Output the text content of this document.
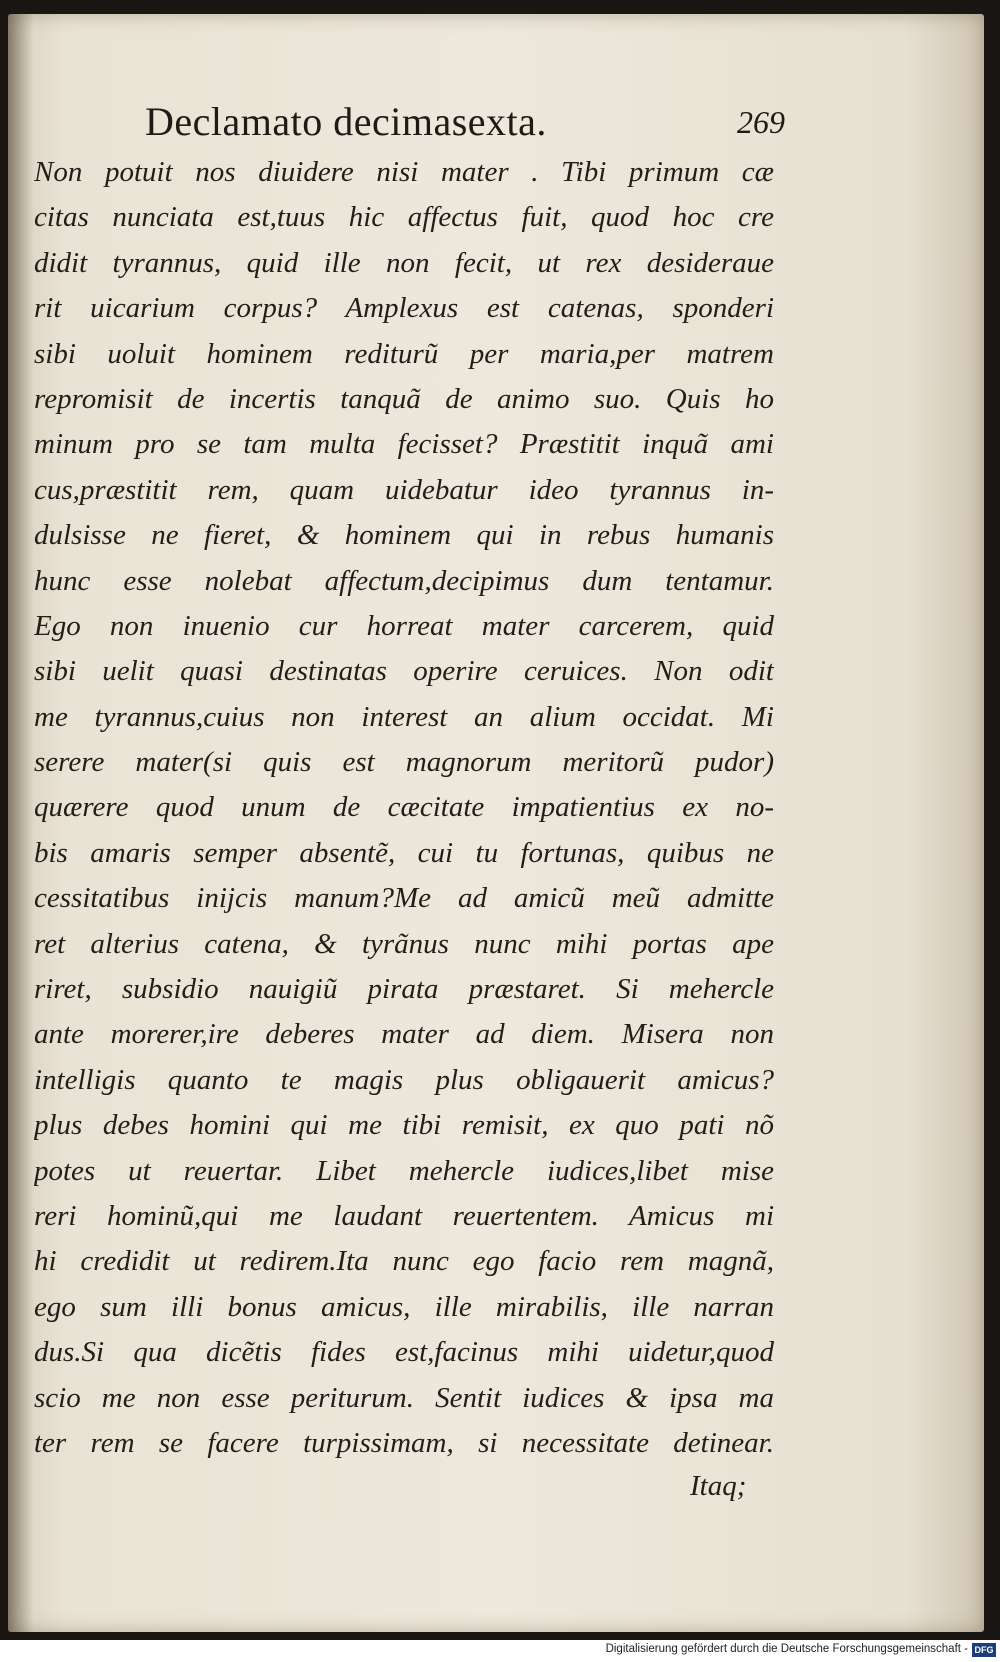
Declamato decimasexta.	269
Non potuit nos diuidere nisi mater . Tibi primum cæ
citas nunciata est,tuus hic affectus fuit, quod hoc cre
didit tyrannus, quid ille non fecit, ut rex desideraue
rit uicarium corpus? Amplexus est catenas, sponderi
sibi uoluit hominem rediturũ per maria,per matrem
repromisit de incertis tanquã de animo suo. Quis ho
minum pro se tam multa fecisset? Præstitit inquã ami
cus,præstitit rem, quam uidebatur ideo tyrannus in-
dulsisse ne fieret, & hominem qui in rebus humanis
hunc esse nolebat affectum,decipimus dum tentamur.
Ego non inuenio cur horreat mater carcerem, quid
sibi uelit quasi destinatas operire ceruices. Non odit
me tyrannus,cuius non interest an alium occidat. Mi
serere mater(si quis est magnorum meritorũ pudor)
quærere quod unum de cæcitate impatientius ex no-
bis amaris semper absentẽ, cui tu fortunas, quibus ne
cessitatibus inijcis manum?Me ad amicũ meũ admitte
ret alterius catena, & tyrãnus nunc mihi portas ape
riret, subsidio nauigiũ pirata præstaret. Si mehercle
ante morerer,ire deberes mater ad diem. Misera non
intelligis quanto te magis plus obligauerit amicus?
plus debes homini qui me tibi remisit, ex quo pati nõ
potes ut reuertar. Libet mehercle iudices,libet mise
reri hominũ,qui me laudant reuertentem. Amicus mi
hi credidit ut redirem.Ita nunc ego facio rem magnã,
ego sum illi bonus amicus, ille mirabilis, ille narran
dus.Si qua dicẽtis fides est,facinus mihi uidetur,quod
scio me non esse periturum. Sentit iudices & ipsa ma
ter rem se facere turpissimam, si necessitate detinear.
Itaq;
Digitalisierung gefördert durch die Deutsche Forschungsgemeinschaft - DFG
